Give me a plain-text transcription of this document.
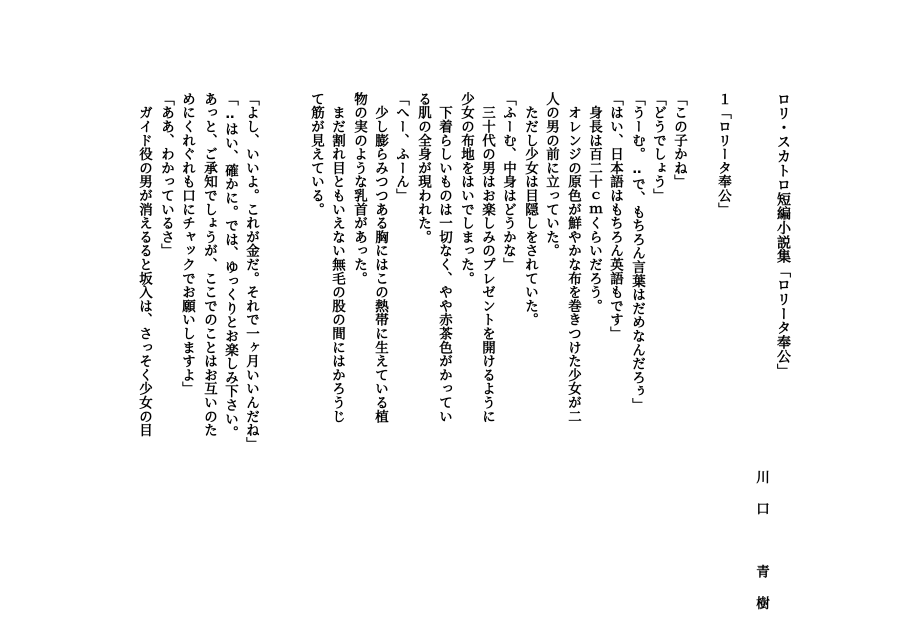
ロリ・スカトロ短編小説集「ロリータ奉公」
川口　青樹
１「ロリータ奉公」
「この子かね」
「どうでしょう」
「うーむ。‥で、もちろん言葉はだめなんだろぅ」
「はい、日本語はもちろん英語もです」
　身長は百二十ｃｍくらいだろう。
　オレンジの原色が鮮やかな布を巻きつけた少女が二
人の男の前に立っていた。
　ただし少女は目隠しをされていた。
「ふーむ、中身はどうかな」
　三十代の男はお楽しみのプレゼントを開けるように
少女の布地をはいでしまった。
　下着らしいものは一切なく、やや赤茶色がかってい
る肌の全身が現われた。
「へー、ふーん」
　少し膨らみつつある胸にはこの熱帯に生えている植
物の実のような乳首があった。
　まだ割れ目ともいえない無毛の股の間にはかろうじ
て筋が見えている。
「よし、いいよ。これが金だ。それで一ヶ月いいんだね」
「‥はい、確かに。では、ゆっくりとお楽しみ下さい。
あっと、ご承知でしょうが、ここでのことはお互いのた
めにくれぐれも口にチャックでお願いしますよ」
「ああ、わかっているさ」
　ガイド役の男が消えるると坂入は、さっそく少女の目
